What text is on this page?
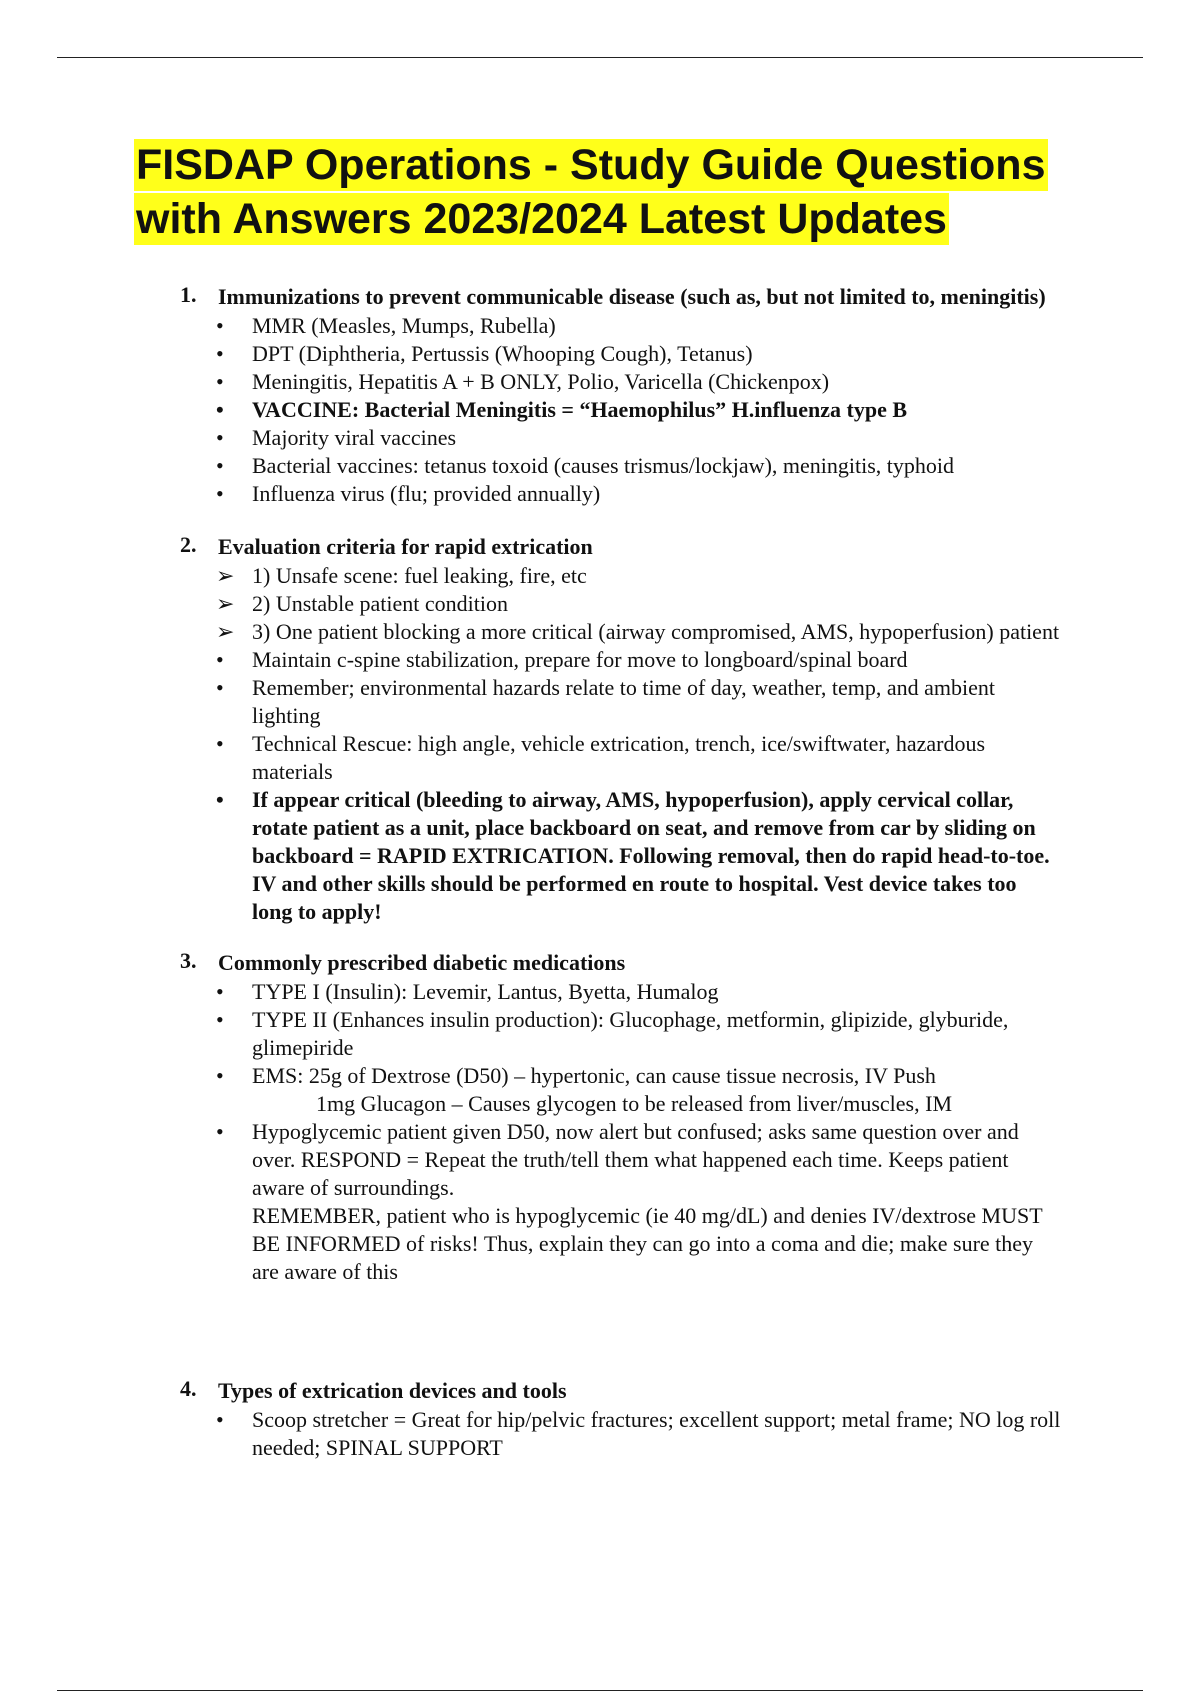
FISDAP Operations - Study Guide Questions with Answers 2023/2024 Latest Updates
1. Immunizations to prevent communicable disease (such as, but not limited to, meningitis)
•	MMR (Measles, Mumps, Rubella)
•	DPT (Diphtheria, Pertussis (Whooping Cough), Tetanus)
•	Meningitis, Hepatitis A + B ONLY, Polio, Varicella (Chickenpox)
•	VACCINE: Bacterial Meningitis = “Haemophilus” H.influenza type B
•	Majority viral vaccines
•	Bacterial vaccines: tetanus toxoid (causes trismus/lockjaw), meningitis, typhoid
•	Influenza virus (flu; provided annually)
2. Evaluation criteria for rapid extrication
➢ 1) Unsafe scene: fuel leaking, fire, etc
➢ 2) Unstable patient condition
➢ 3) One patient blocking a more critical (airway compromised, AMS, hypoperfusion) patient
•	Maintain c-spine stabilization, prepare for move to longboard/spinal board
•	Remember; environmental hazards relate to time of day, weather, temp, and ambient lighting
•	Technical Rescue: high angle, vehicle extrication, trench, ice/swiftwater, hazardous materials
•	If appear critical (bleeding to airway, AMS, hypoperfusion), apply cervical collar, rotate patient as a unit, place backboard on seat, and remove from car by sliding on backboard = RAPID EXTRICATION. Following removal, then do rapid head-to-toe. IV and other skills should be performed en route to hospital. Vest device takes too long to apply!
3. Commonly prescribed diabetic medications
•	TYPE I (Insulin): Levemir, Lantus, Byetta, Humalog
•	TYPE II (Enhances insulin production): Glucophage, metformin, glipizide, glyburide, glimepiride
•	EMS: 25g of Dextrose (D50) – hypertonic, can cause tissue necrosis, IV Push
1mg Glucagon – Causes glycogen to be released from liver/muscles, IM
•	Hypoglycemic patient given D50, now alert but confused; asks same question over and over. RESPOND = Repeat the truth/tell them what happened each time. Keeps patient aware of surroundings.
REMEMBER, patient who is hypoglycemic (ie 40 mg/dL) and denies IV/dextrose MUST BE INFORMED of risks! Thus, explain they can go into a coma and die; make sure they are aware of this
4. Types of extrication devices and tools
•	Scoop stretcher = Great for hip/pelvic fractures; excellent support; metal frame; NO log roll needed; SPINAL SUPPORT
